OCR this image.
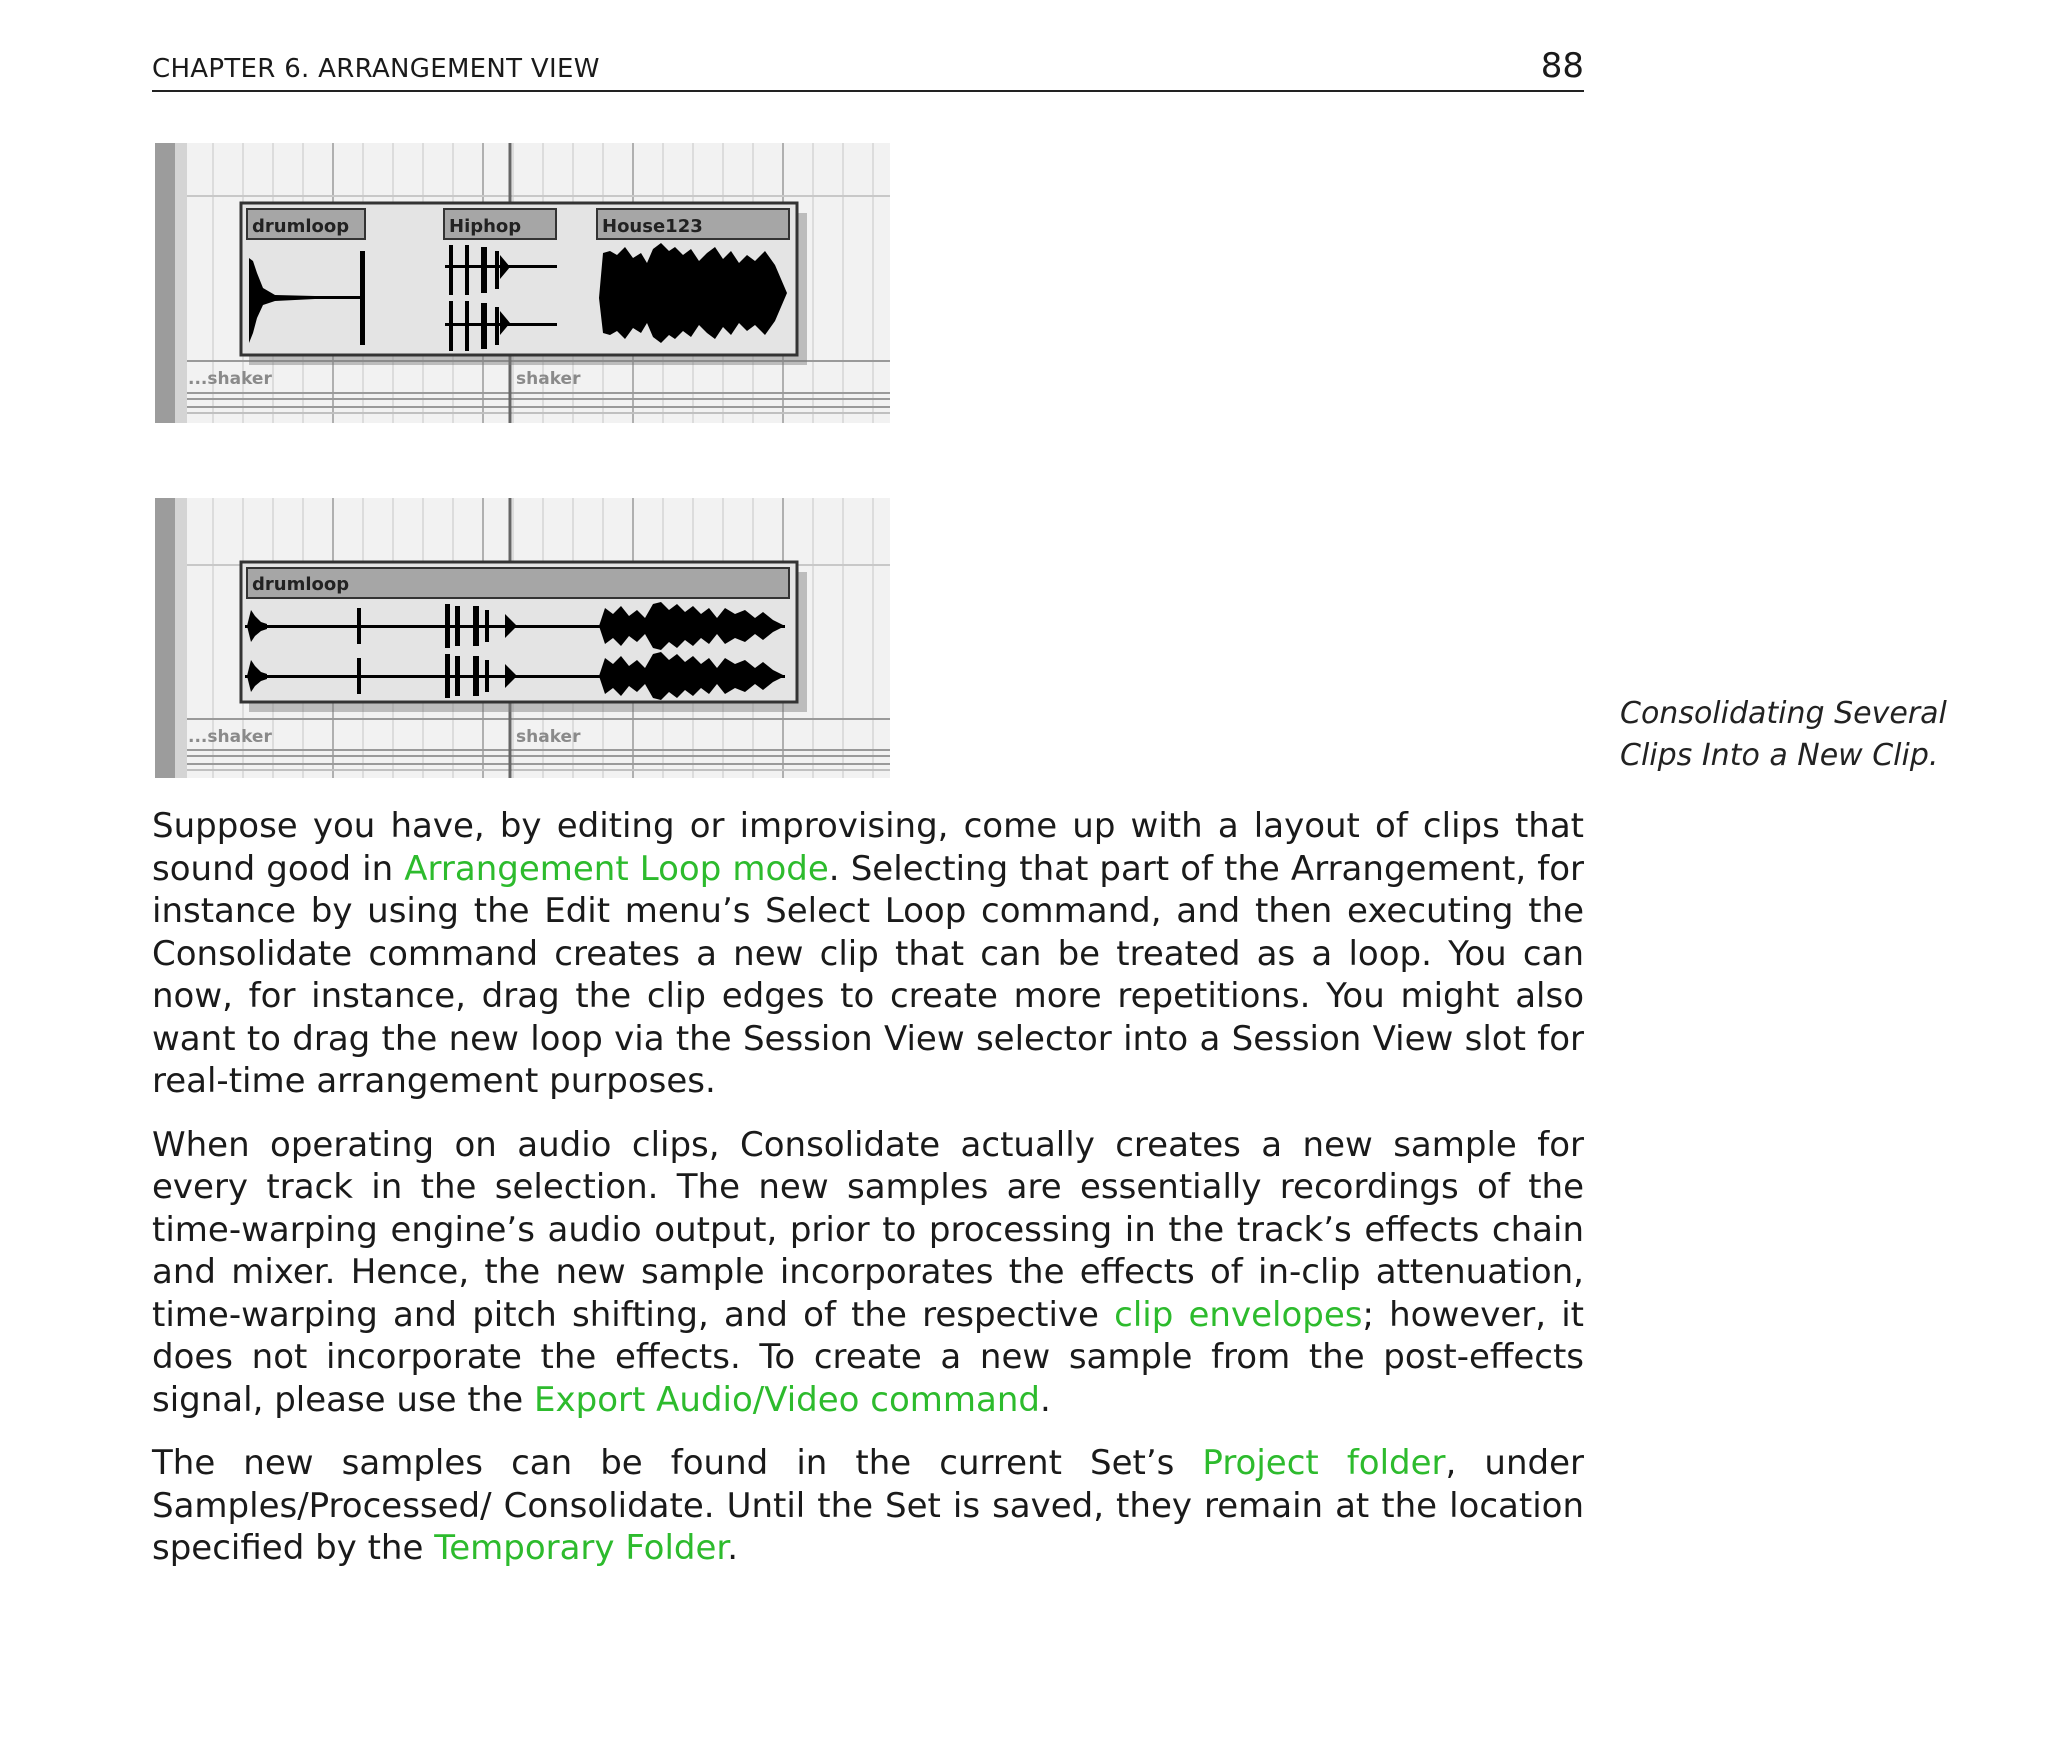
CHAPTER 6. ARRANGEMENT VIEW	88
drumloop	Hiphop	House123
...shaker	shaker
drumloop
...shaker	shaker
Consolidating Several
Clips Into a New Clip.

Suppose you have, by editing or improvising, come up with a layout of clips that sound good in Arrangement Loop mode. Selecting that part of the Arrangement, for instance by using the Edit menu’s Select Loop command, and then executing the Consolidate command creates a new clip that can be treated as a loop. You can now, for instance, drag the clip edges to create more repetitions. You might also want to drag the new loop via the Session View selector into a Session View slot for real-time arrangement purposes.

When operating on audio clips, Consolidate actually creates a new sample for every track in the selection. The new samples are essentially recordings of the time-warping engine’s audio output, prior to processing in the track’s effects chain and mixer. Hence, the new sample incorporates the effects of in-clip attenuation, time-warping and pitch shifting, and of the respective clip envelopes; however, it does not incorporate the effects. To create a new sample from the post-effects signal, please use the Export Audio/Video command.

The new samples can be found in the current Set’s Project folder, under Samples/Processed/ Consolidate. Until the Set is saved, they remain at the location specified by the Temporary Folder.
